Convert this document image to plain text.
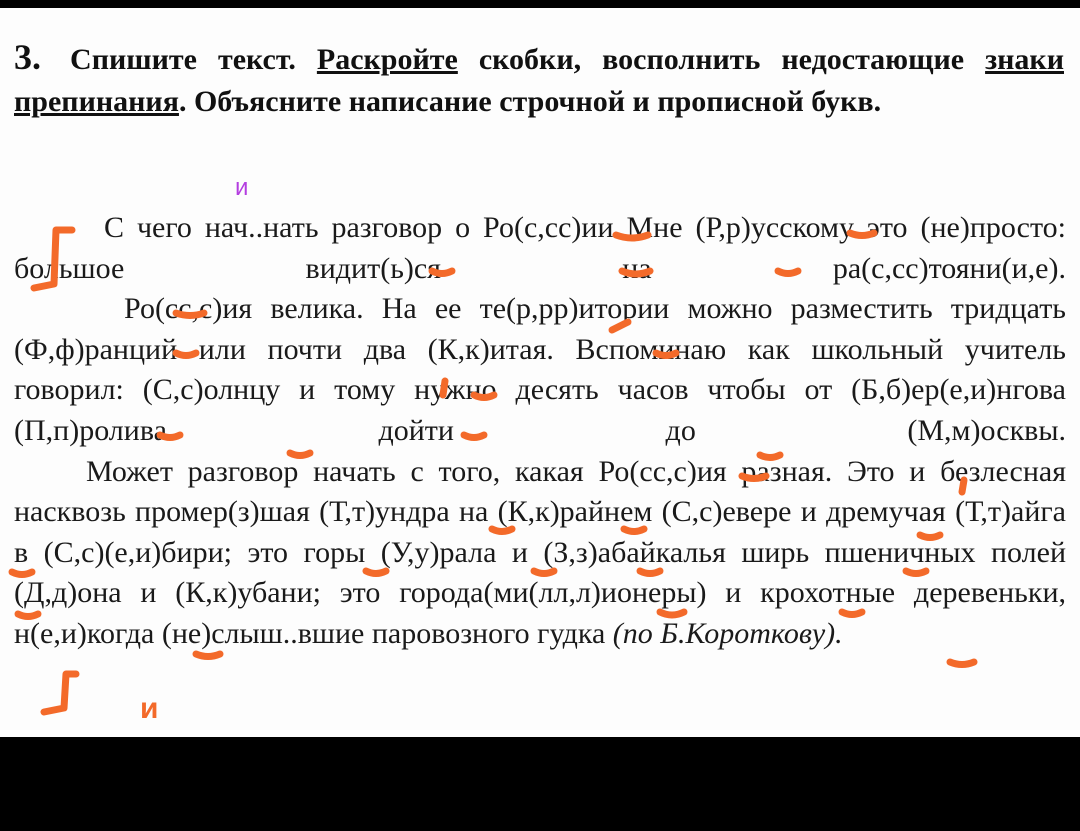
3. Спишите текст. Раскройте скобки, восполнить недостающие знаки препинания. Объясните написание строчной и прописной букв.
и
С чего нач..нать разговор о Ро(с,сс)ии Мне (Р,р)усскому это (не)просто: большое видит(ь)ся на ра(с,сс)тояни(и,е).
Ро(сс,с)ия велика. На ее те(р,рр)итории можно разместить тридцать (Ф,ф)ранций или почти два (К,к)итая. Вспоминаю как школьный учитель говорил: (С,с)олнцу и тому нужно десять часов чтобы от (Б,б)ер(е,и)нгова (П,п)ролива дойти до (М,м)осквы.
Может разговор начать с того, какая Ро(сс,с)ия разная. Это и безлесная насквозь промер(з)шая (Т,т)ундра на (К,к)райнем (С,с)евере и дремучая (Т,т)айга в (С,с)(е,и)бири; это горы (У,у)рала и (З,з)абайкалья ширь пшеничных полей (Д,д)она и (К,к)убани; это города(ми(лл,л)ионеры) и крохотные деревеньки, н(е,и)когда (не)слыш..вшие паровозного гудка (по Б.Короткову).
и
